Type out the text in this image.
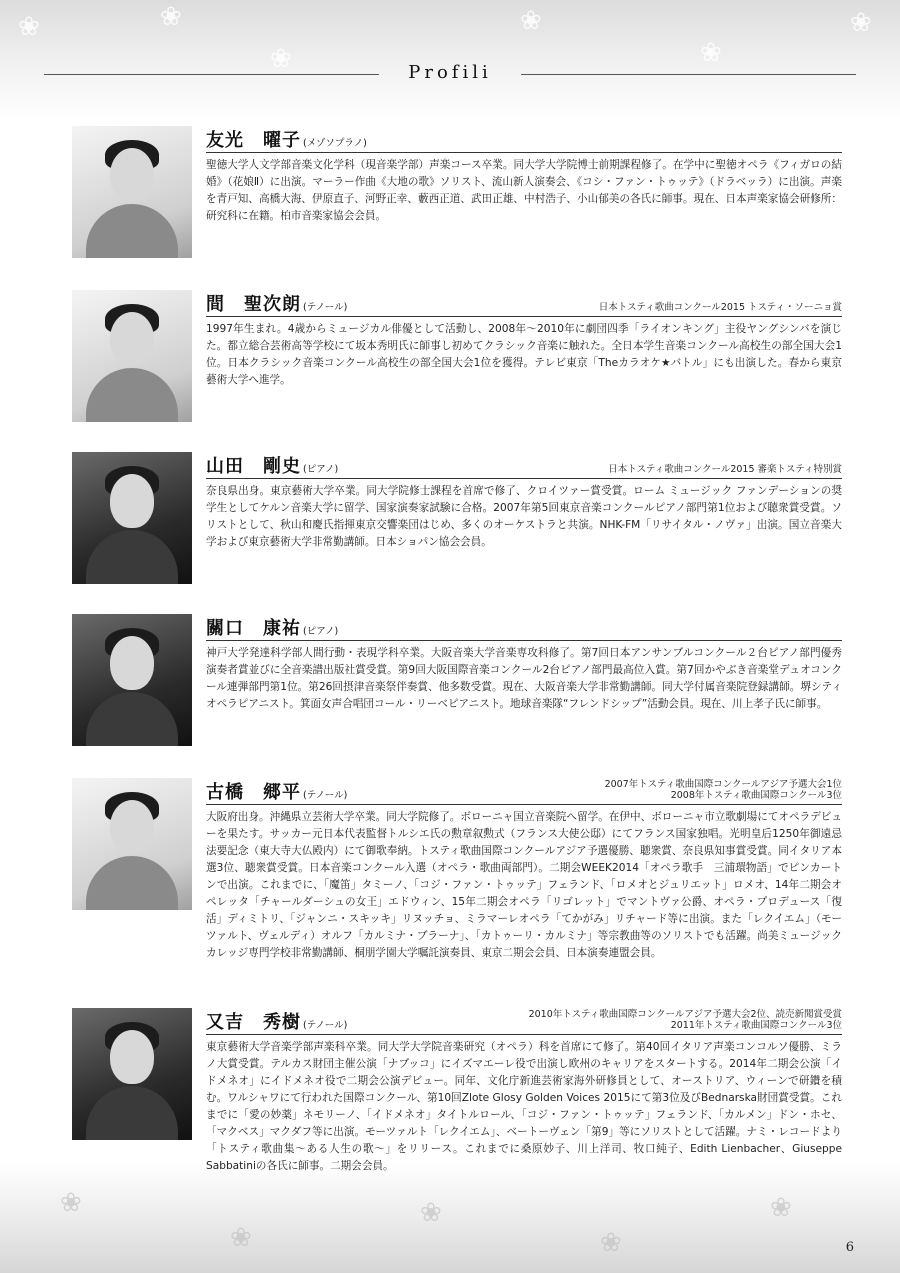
❀	❀
❀
❀
❀
❀
❀
❀
❀
❀
❀
Profili
友光　曜子 (メゾソプラノ)

聖徳大学人文学部音楽文化学科（現音楽学部）声楽コース卒業。同大学大学院博士前期課程修了。在学中に聖徳オペラ《フィガロの結婚》（花娘Ⅱ）に出演。マーラー作曲《大地の歌》ソリスト、流山新人演奏会、《コシ・ファン・トゥッテ》（ドラベッラ）に出演。声楽を青戸知、高橋大海、伊原直子、河野正幸、藪西正道、武田正雄、中村浩子、小山郁美の各氏に師事。現在、日本声楽家協会研修所：研究科に在籍。柏市音楽家協会会員。

間　聖次朗 (テノール)	日本トスティ歌曲コンクール2015 トスティ・ソーニョ賞

1997年生まれ。4歳からミュージカル俳優として活動し、2008年～2010年に劇団四季「ライオンキング」主役ヤングシンバを演じた。都立総合芸術高等学校にて坂本秀明氏に師事し初めてクラシック音楽に触れた。全日本学生音楽コンクール高校生の部全国大会1位。日本クラシック音楽コンクール高校生の部全国大会1位を獲得。テレビ東京「Theカラオケ★バトル」にも出演した。春から東京藝術大学へ進学。

山田　剛史 (ピアノ)	日本トスティ歌曲コンクール2015 審楽トスティ特別賞

奈良県出身。東京藝術大学卒業。同大学院修士課程を首席で修了、クロイツァー賞受賞。ローム ミュージック ファンデーションの奨学生としてケルン音楽大学に留学、国家演奏家試験に合格。2007年第5回東京音楽コンクールピアノ部門第1位および聴衆賞受賞。ソリストとして、秋山和慶氏指揮東京交響楽団はじめ、多くのオーケストラと共演。NHK-FM「リサイタル・ノヴァ」出演。国立音楽大学および東京藝術大学非常勤講師。日本ショパン協会会員。

關口　康祐 (ピアノ)

神戸大学発達科学部人間行動・表現学科卒業。大阪音楽大学音楽専攻科修了。第7回日本アンサンブルコンクール２台ピアノ部門優秀演奏者賞並びに全音楽譜出版社賞受賞。第9回大阪国際音楽コンクール2台ピアノ部門最高位入賞。第7回かやぶき音楽堂デュオコンクール連弾部門第1位。第26回摂津音楽祭伴奏賞、他多数受賞。現在、大阪音楽大学非常勤講師。同大学付属音楽院登録講師。堺シティオペラピアニスト。箕面女声合唱団コール・リーベピアニスト。地球音楽隊“フレンドシップ”活動会員。現在、川上孝子氏に師事。

古橋　郷平 (テノール)
2007年トスティ歌曲国際コンクールアジア予選大会1位
2008年トスティ歌曲国際コンクール3位

大阪府出身。沖縄県立芸術大学卒業。同大学院修了。ボローニャ国立音楽院へ留学。在伊中、ボローニャ市立歌劇場にてオペラデビューを果たす。サッカー元日本代表監督トルシエ氏の勲章叙勲式（フランス大使公邸）にてフランス国家独唱。光明皇后1250年御遠忌法要記念（東大寺大仏殿内）にて御歌奉納。トスティ歌曲国際コンクールアジア予選優勝、聴衆賞、奈良県知事賞受賞。同イタリア本選3位、聴衆賞受賞。日本音楽コンクール入選（オペラ・歌曲両部門）。二期会WEEK2014「オペラ歌手　三浦環物語」でピンカートンで出演。これまでに、「魔笛」タミーノ、「コジ・ファン・トゥッテ」フェランド、「ロメオとジュリエット」ロメオ、14年二期会オペレッタ「チャールダーシュの女王」エドウィン、15年二期会オペラ「リゴレット」でマントヴァ公爵、オペラ・プロデュース「復活」ディミトリ、「ジャンニ・スキッキ」リヌッチョ、ミラマーレオペラ「てかがみ」リチャード等に出演。また「レクイエム」（モーツァルト、ヴェルディ）オルフ「カルミナ・ブラーナ」、「カトゥーリ・カルミナ」等宗教曲等のソリストでも活躍。尚美ミュージックカレッジ専門学校非常勤講師、桐朋学園大学嘱託演奏員、東京二期会会員、日本演奏連盟会員。

又吉　秀樹 (テノール)
2010年トスティ歌曲国際コンクールアジア予選大会2位、読売新聞賞受賞
2011年トスティ歌曲国際コンクール3位

東京藝術大学音楽学部声楽科卒業。同大学大学院音楽研究（オペラ）科を首席にて修了。第40回イタリア声楽コンコルソ優勝、ミラノ大賞受賞。テルカス財団主催公演「ナブッコ」にイズマエーレ役で出演し欧州のキャリアをスタートする。2014年二期会公演「イドメネオ」にイドメネオ役で二期会公演デビュー。同年、文化庁新進芸術家海外研修員として、オーストリア、ウィーンで研鑽を積む。ワルシャワにて行われた国際コンクール、第10回Zlote Glosy Golden Voices 2015にて第3位及びBednarska財団賞受賞。これまでに「愛の妙薬」ネモリーノ、「イドメネオ」タイトルロール、「コジ・ファン・トゥッテ」フェランド、「カルメン」ドン・ホセ、「マクベス」マクダフ等に出演。モーツァルト「レクイエム」、ベートーヴェン「第9」等にソリストとして活躍。ナミ・レコードより「トスティ歌曲集～ある人生の歌～」をリリース。これまでに桑原妙子、川上洋司、牧口純子、Edith Lienbacher、Giuseppe Sabbatiniの各氏に師事。二期会会員。

6
